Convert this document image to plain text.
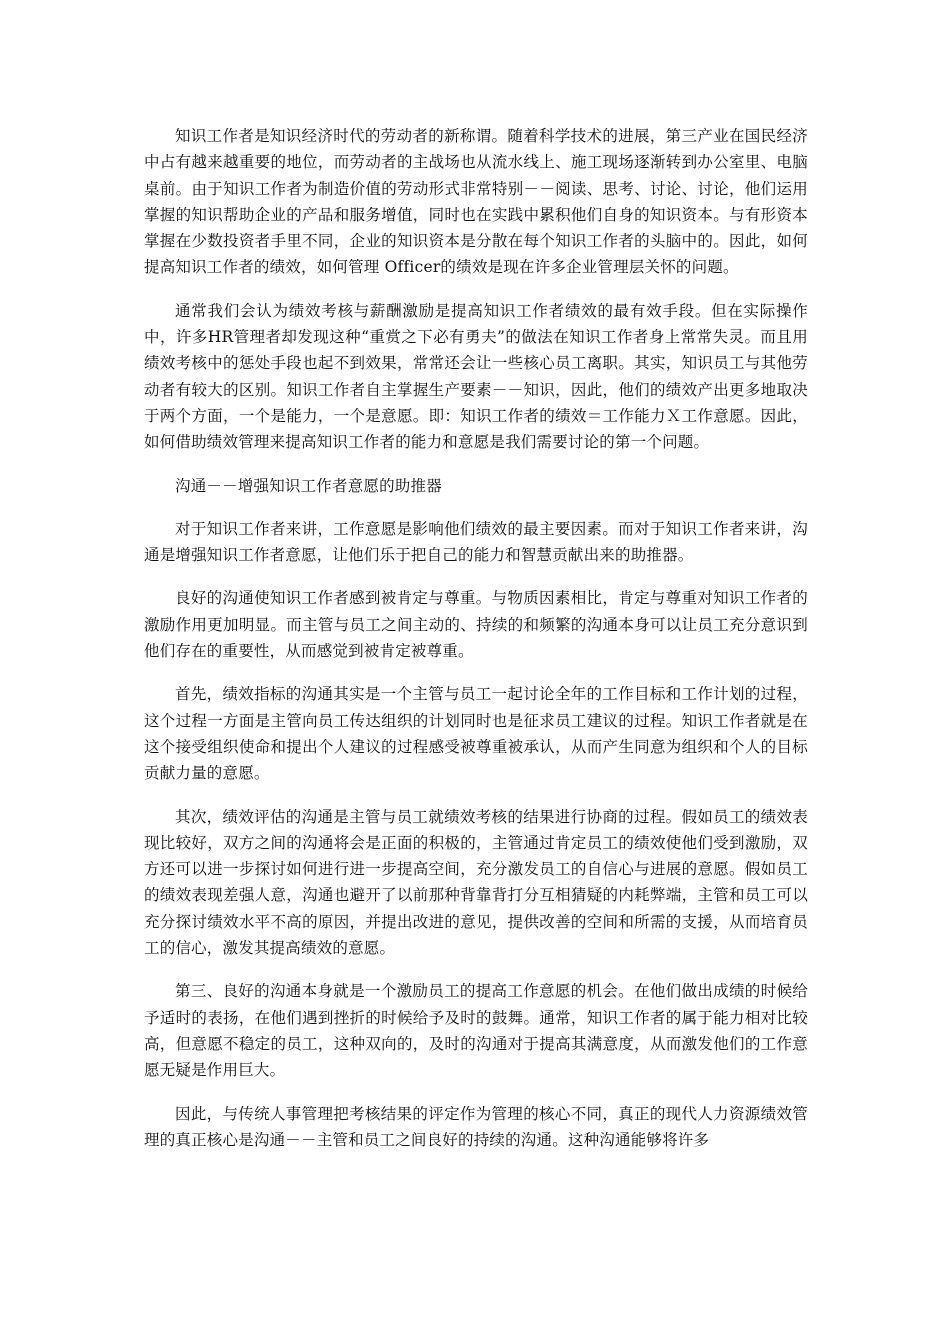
知识工作者是知识经济时代的劳动者的新称谓。随着科学技术的进展，第三产业在国民经济中占有越来越重要的地位，而劳动者的主战场也从流水线上、施工现场逐渐转到办公室里、电脑桌前。由于知识工作者为制造价值的劳动形式非常特别－－阅读、思考、讨论、讨论，他们运用掌握的知识帮助企业的产品和服务增值，同时也在实践中累积他们自身的知识资本。与有形资本掌握在少数投资者手里不同，企业的知识资本是分散在每个知识工作者的头脑中的。因此，如何提高知识工作者的绩效，如何管理 Officer的绩效是现在许多企业管理层关怀的问题。

通常我们会认为绩效考核与薪酬激励是提高知识工作者绩效的最有效手段。但在实际操作中，许多HR管理者却发现这种“重赏之下必有勇夫”的做法在知识工作者身上常常失灵。而且用绩效考核中的惩处手段也起不到效果，常常还会让一些核心员工离职。其实，知识员工与其他劳动者有较大的区别。知识工作者自主掌握生产要素－－知识，因此，他们的绩效产出更多地取决于两个方面，一个是能力，一个是意愿。即：知识工作者的绩效＝工作能力Ｘ工作意愿。因此，如何借助绩效管理来提高知识工作者的能力和意愿是我们需要讨论的第一个问题。

沟通－－增强知识工作者意愿的助推器

对于知识工作者来讲，工作意愿是影响他们绩效的最主要因素。而对于知识工作者来讲，沟通是增强知识工作者意愿，让他们乐于把自己的能力和智慧贡献出来的助推器。

良好的沟通使知识工作者感到被肯定与尊重。与物质因素相比，肯定与尊重对知识工作者的激励作用更加明显。而主管与员工之间主动的、持续的和频繁的沟通本身可以让员工充分意识到他们存在的重要性，从而感觉到被肯定被尊重。

首先，绩效指标的沟通其实是一个主管与员工一起讨论全年的工作目标和工作计划的过程，这个过程一方面是主管向员工传达组织的计划同时也是征求员工建议的过程。知识工作者就是在这个接受组织使命和提出个人建议的过程感受被尊重被承认，从而产生同意为组织和个人的目标贡献力量的意愿。

其次，绩效评估的沟通是主管与员工就绩效考核的结果进行协商的过程。假如员工的绩效表现比较好，双方之间的沟通将会是正面的积极的，主管通过肯定员工的绩效使他们受到激励，双方还可以进一步探讨如何进行进一步提高空间，充分激发员工的自信心与进展的意愿。假如员工的绩效表现差强人意，沟通也避开了以前那种背靠背打分互相猜疑的内耗弊端，主管和员工可以充分探讨绩效水平不高的原因，并提出改进的意见，提供改善的空间和所需的支援，从而培育员工的信心，激发其提高绩效的意愿。

第三、良好的沟通本身就是一个激励员工的提高工作意愿的机会。在他们做出成绩的时候给予适时的表扬，在他们遇到挫折的时候给予及时的鼓舞。通常，知识工作者的属于能力相对比较高，但意愿不稳定的员工，这种双向的，及时的沟通对于提高其满意度，从而激发他们的工作意愿无疑是作用巨大。

因此，与传统人事管理把考核结果的评定作为管理的核心不同，真正的现代人力资源绩效管理的真正核心是沟通－－主管和员工之间良好的持续的沟通。这种沟通能够将许多
